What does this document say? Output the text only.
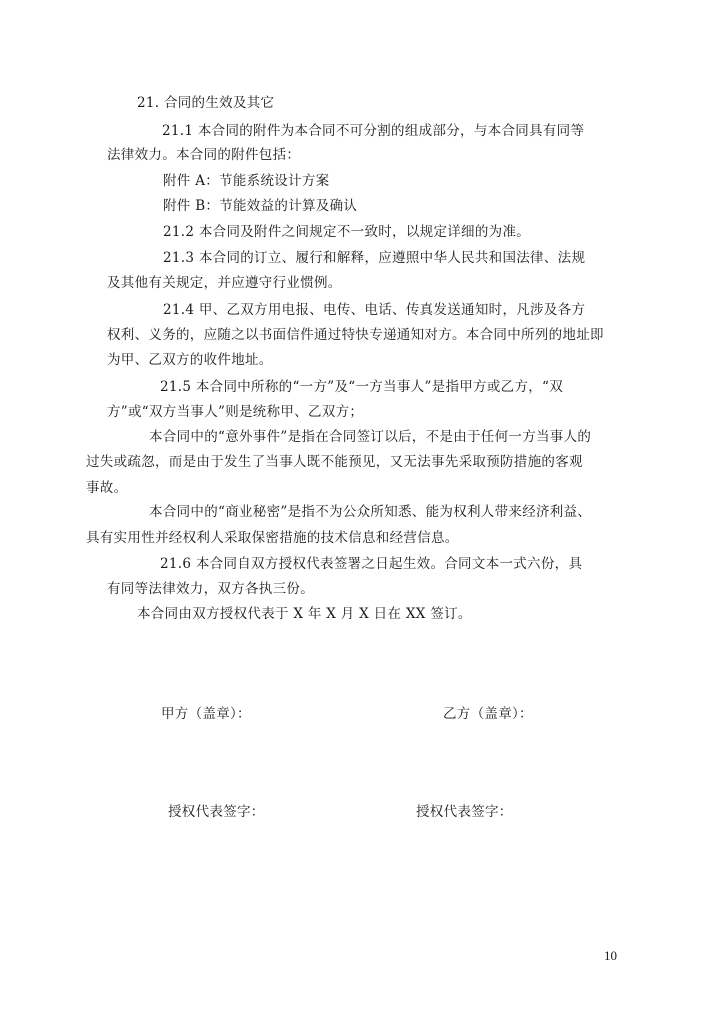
21. 合同的生效及其它
21.1 本合同的附件为本合同不可分割的组成部分，与本合同具有同等
法律效力。本合同的附件包括：
附件 A：节能系统设计方案
附件 B：节能效益的计算及确认
21.2 本合同及附件之间规定不一致时，以规定详细的为准。
21.3 本合同的订立、履行和解释，应遵照中华人民共和国法律、法规
及其他有关规定，并应遵守行业惯例。
21.4 甲、乙双方用电报、电传、电话、传真发送通知时，凡涉及各方
权利、义务的，应随之以书面信件通过特快专递通知对方。本合同中所列的地址即
为甲、乙双方的收件地址。
21.5 本合同中所称的“一方”及“一方当事人”是指甲方或乙方，“双
方”或“双方当事人”则是统称甲、乙双方；
本合同中的“意外事件”是指在合同签订以后，不是由于任何一方当事人的
过失或疏忽，而是由于发生了当事人既不能预见，又无法事先采取预防措施的客观
事故。
本合同中的“商业秘密”是指不为公众所知悉、能为权利人带来经济利益、
具有实用性并经权利人采取保密措施的技术信息和经营信息。
21.6 本合同自双方授权代表签署之日起生效。合同文本一式六份，具
有同等法律效力，双方各执三份。
本合同由双方授权代表于 X 年 X 月 X 日在 XX 签订。
甲方（盖章）：	乙方（盖章）：
授权代表签字：	授权代表签字：
10
